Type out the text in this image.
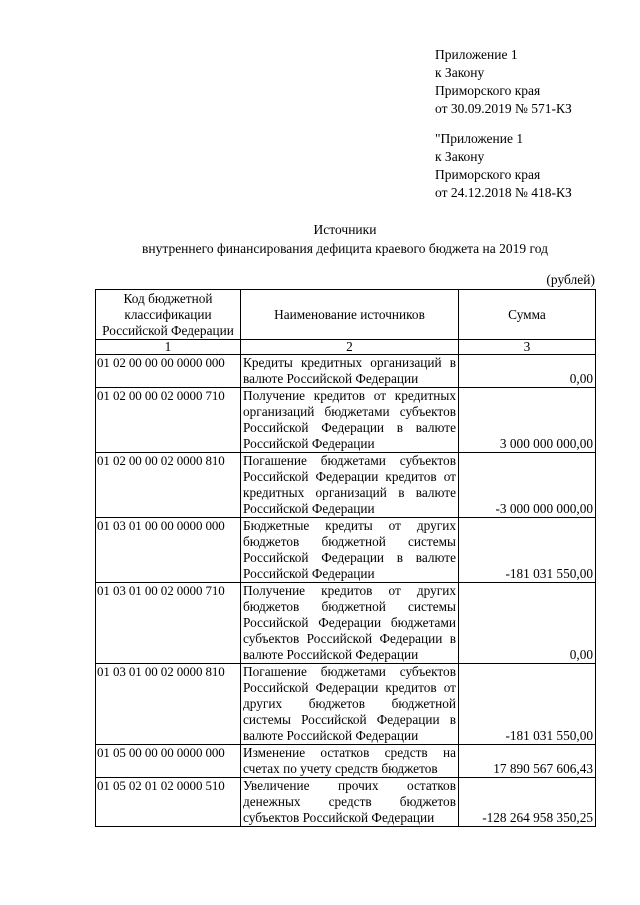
Приложение 1
к Закону
Приморского края
от 30.09.2019 № 571-КЗ
"Приложение 1
к Закону
Приморского края
от 24.12.2018 № 418-КЗ
Источники
внутреннего финансирования дефицита краевого бюджета на 2019 год
(рублей)
Код бюджетной классификации Российской Федерации	Наименование источников	Сумма
1	2	3
01 02 00 00 00 0000 000	Кредиты кредитных организаций в валюте Российской Федерации	0,00
01 02 00 00 02 0000 710	Получение кредитов от кредитных организаций бюджетами субъектов Российской Федерации в валюте Российской Федерации	3 000 000 000,00
01 02 00 00 02 0000 810	Погашение бюджетами субъектов Российской Федерации кредитов от кредитных организаций в валюте Российской Федерации	-3 000 000 000,00
01 03 01 00 00 0000 000	Бюджетные кредиты от других бюджетов бюджетной системы Российской Федерации в валюте Российской Федерации	-181 031 550,00
01 03 01 00 02 0000 710	Получение кредитов от других бюджетов бюджетной системы Российской Федерации бюджетами субъектов Российской Федерации в валюте Российской Федерации	0,00
01 03 01 00 02 0000 810	Погашение бюджетами субъектов Российской Федерации кредитов от других бюджетов бюджетной системы Российской Федерации в валюте Российской Федерации	-181 031 550,00
01 05 00 00 00 0000 000	Изменение остатков средств на счетах по учету средств бюджетов	17 890 567 606,43
01 05 02 01 02 0000 510	Увеличение прочих остатков денежных средств бюджетов субъектов Российской Федерации	-128 264 958 350,25
